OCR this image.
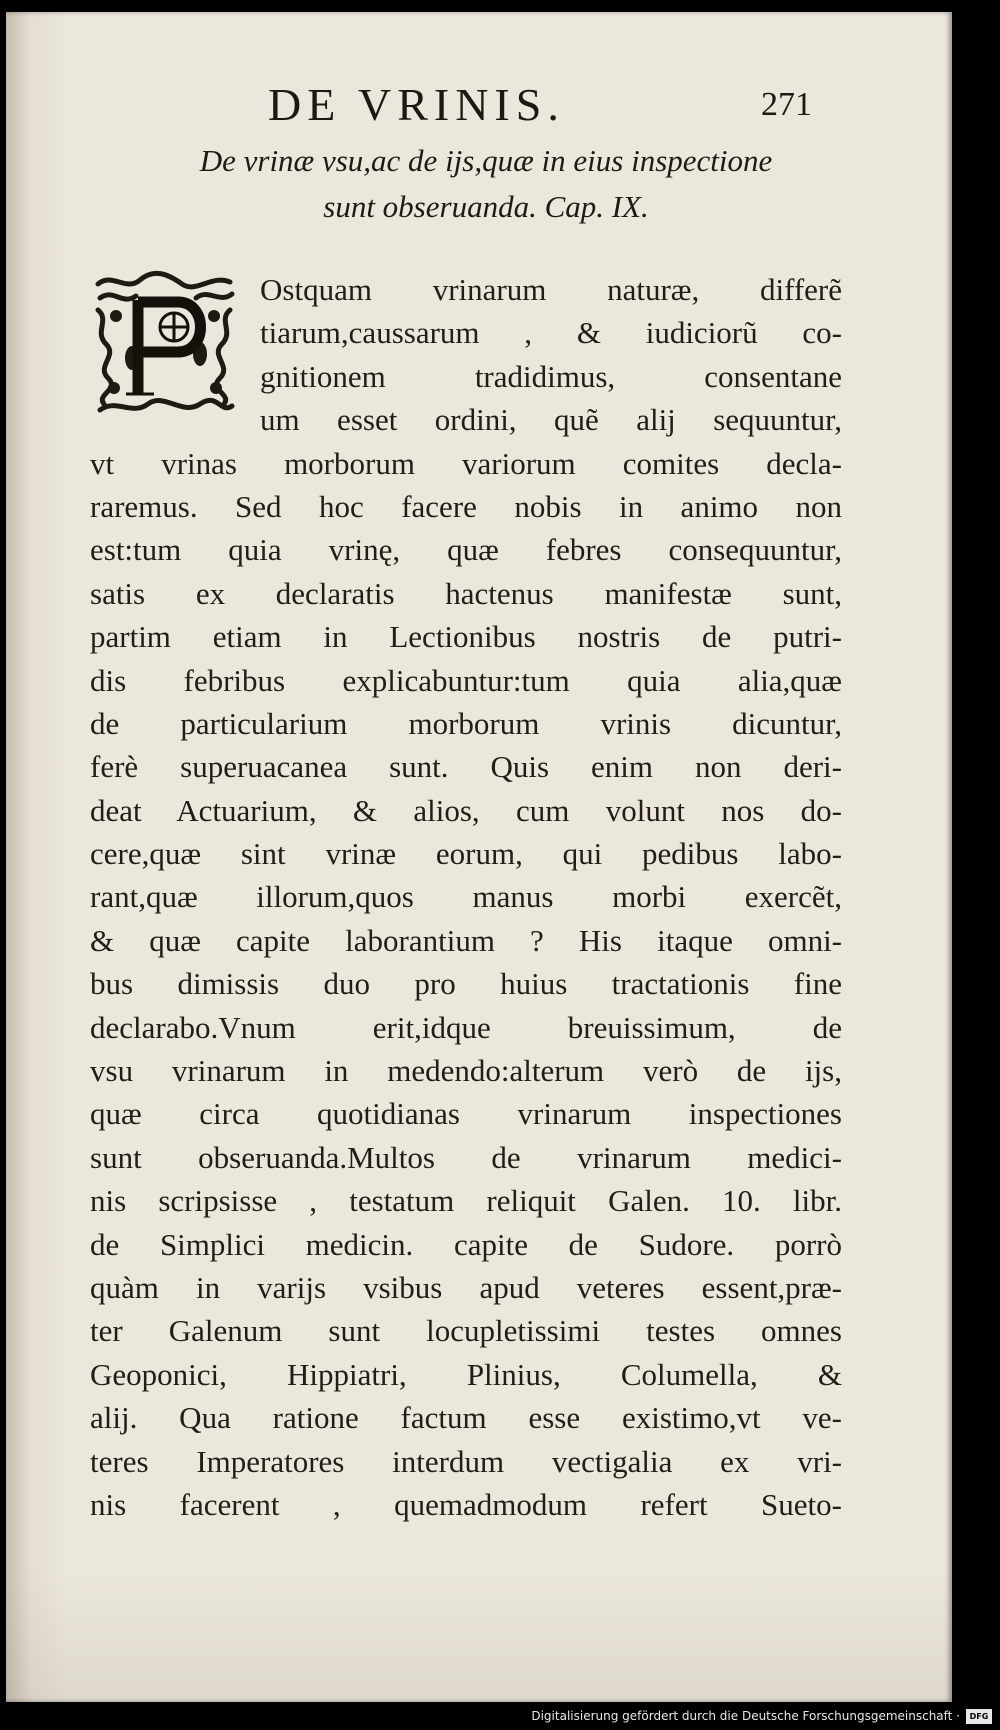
DE VRINIS.	271
De vrinæ vsu,ac de ijs,quæ in eius inspectione
sunt obseruanda. Cap. IX.
Ostquam vrinarum naturæ, differẽ
tiarum,caussarum , & iudiciorũ co-
gnitionem tradidimus, consentane
um esset ordini, quẽ alij sequuntur,
vt vrinas morborum variorum comites decla-
raremus. Sed hoc facere nobis in animo non
est:tum quia vrinę, quæ febres consequuntur,
satis ex declaratis hactenus manifestæ sunt,
partim etiam in Lectionibus nostris de putri-
dis febribus explicabuntur:tum quia alia,quæ
de particularium morborum vrinis dicuntur,
ferè superuacanea sunt. Quis enim non deri-
deat Actuarium, & alios, cum volunt nos do-
cere,quæ sint vrinæ eorum, qui pedibus labo-
rant,quæ illorum,quos manus morbi exercẽt,
& quæ capite laborantium ? His itaque omni-
bus dimissis duo pro huius tractationis fine
declarabo.Vnum erit,idque breuissimum, de
vsu vrinarum in medendo:alterum verò de ijs,
quæ circa quotidianas vrinarum inspectiones
sunt obseruanda.Multos de vrinarum medici-
nis scripsisse , testatum reliquit Galen. 10. libr.
de Simplici medicin. capite de Sudore. porrò
quàm in varijs vsibus apud veteres essent,præ-
ter Galenum sunt locupletissimi testes omnes
Geoponici, Hippiatri, Plinius, Columella, &
alij. Qua ratione factum esse existimo,vt ve-
teres Imperatores interdum vectigalia ex vri-
nis facerent , quemadmodum refert Sueto-
Digitalisierung gefördert durch die Deutsche Forschungsgemeinschaft ·	DFG
